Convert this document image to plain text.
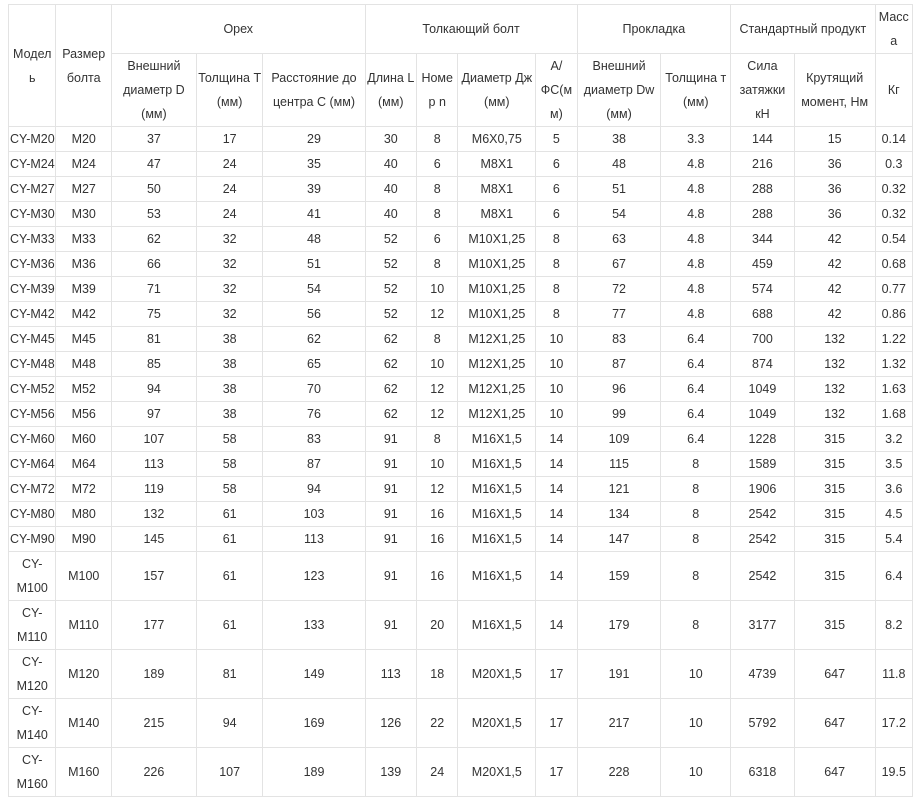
Модель	Размер болта	Орех			Толкающий болт				Прокладка		Стандартный продукт		Масса
		Внешний диаметр D (мм)	Толщина T (мм)	Расстояние до центра C (мм)	Длина L (мм)	Номер n	Диаметр Дж (мм)	A/ ФС(мм)	Внешний диаметр Dw (мм)	Толщина т (мм)	Сила затяжки кН	Крутящий момент, Нм	Кг
CY-M20	M20	37	17	29	30	8	M6X0,75	5	38	3.3	144	15	0.14
CY-M24	M24	47	24	35	40	6	M8X1	6	48	4.8	216	36	0.3
CY-M27	M27	50	24	39	40	8	M8X1	6	51	4.8	288	36	0.32
CY-M30	M30	53	24	41	40	8	M8X1	6	54	4.8	288	36	0.32
CY-M33	M33	62	32	48	52	6	M10X1,25	8	63	4.8	344	42	0.54
CY-M36	M36	66	32	51	52	8	M10X1,25	8	67	4.8	459	42	0.68
CY-M39	M39	71	32	54	52	10	M10X1,25	8	72	4.8	574	42	0.77
CY-M42	M42	75	32	56	52	12	M10X1,25	8	77	4.8	688	42	0.86
CY-M45	M45	81	38	62	62	8	M12X1,25	10	83	6.4	700	132	1.22
CY-M48	M48	85	38	65	62	10	M12X1,25	10	87	6.4	874	132	1.32
CY-M52	M52	94	38	70	62	12	M12X1,25	10	96	6.4	1049	132	1.63
CY-M56	M56	97	38	76	62	12	M12X1,25	10	99	6.4	1049	132	1.68
CY-M60	M60	107	58	83	91	8	M16X1,5	14	109	6.4	1228	315	3.2
CY-M64	M64	113	58	87	91	10	M16X1,5	14	115	8	1589	315	3.5
CY-M72	M72	119	58	94	91	12	M16X1,5	14	121	8	1906	315	3.6
CY-M80	M80	132	61	103	91	16	M16X1,5	14	134	8	2542	315	4.5
CY-M90	M90	145	61	113	91	16	M16X1,5	14	147	8	2542	315	5.4
CY-M100	M100	157	61	123	91	16	M16X1,5	14	159	8	2542	315	6.4
CY-M110	M110	177	61	133	91	20	M16X1,5	14	179	8	3177	315	8.2
CY-M120	M120	189	81	149	113	18	M20X1,5	17	191	10	4739	647	11.8
CY-M140	M140	215	94	169	126	22	M20X1,5	17	217	10	5792	647	17.2
CY-M160	M160	226	107	189	139	24	M20X1,5	17	228	10	6318	647	19.5
